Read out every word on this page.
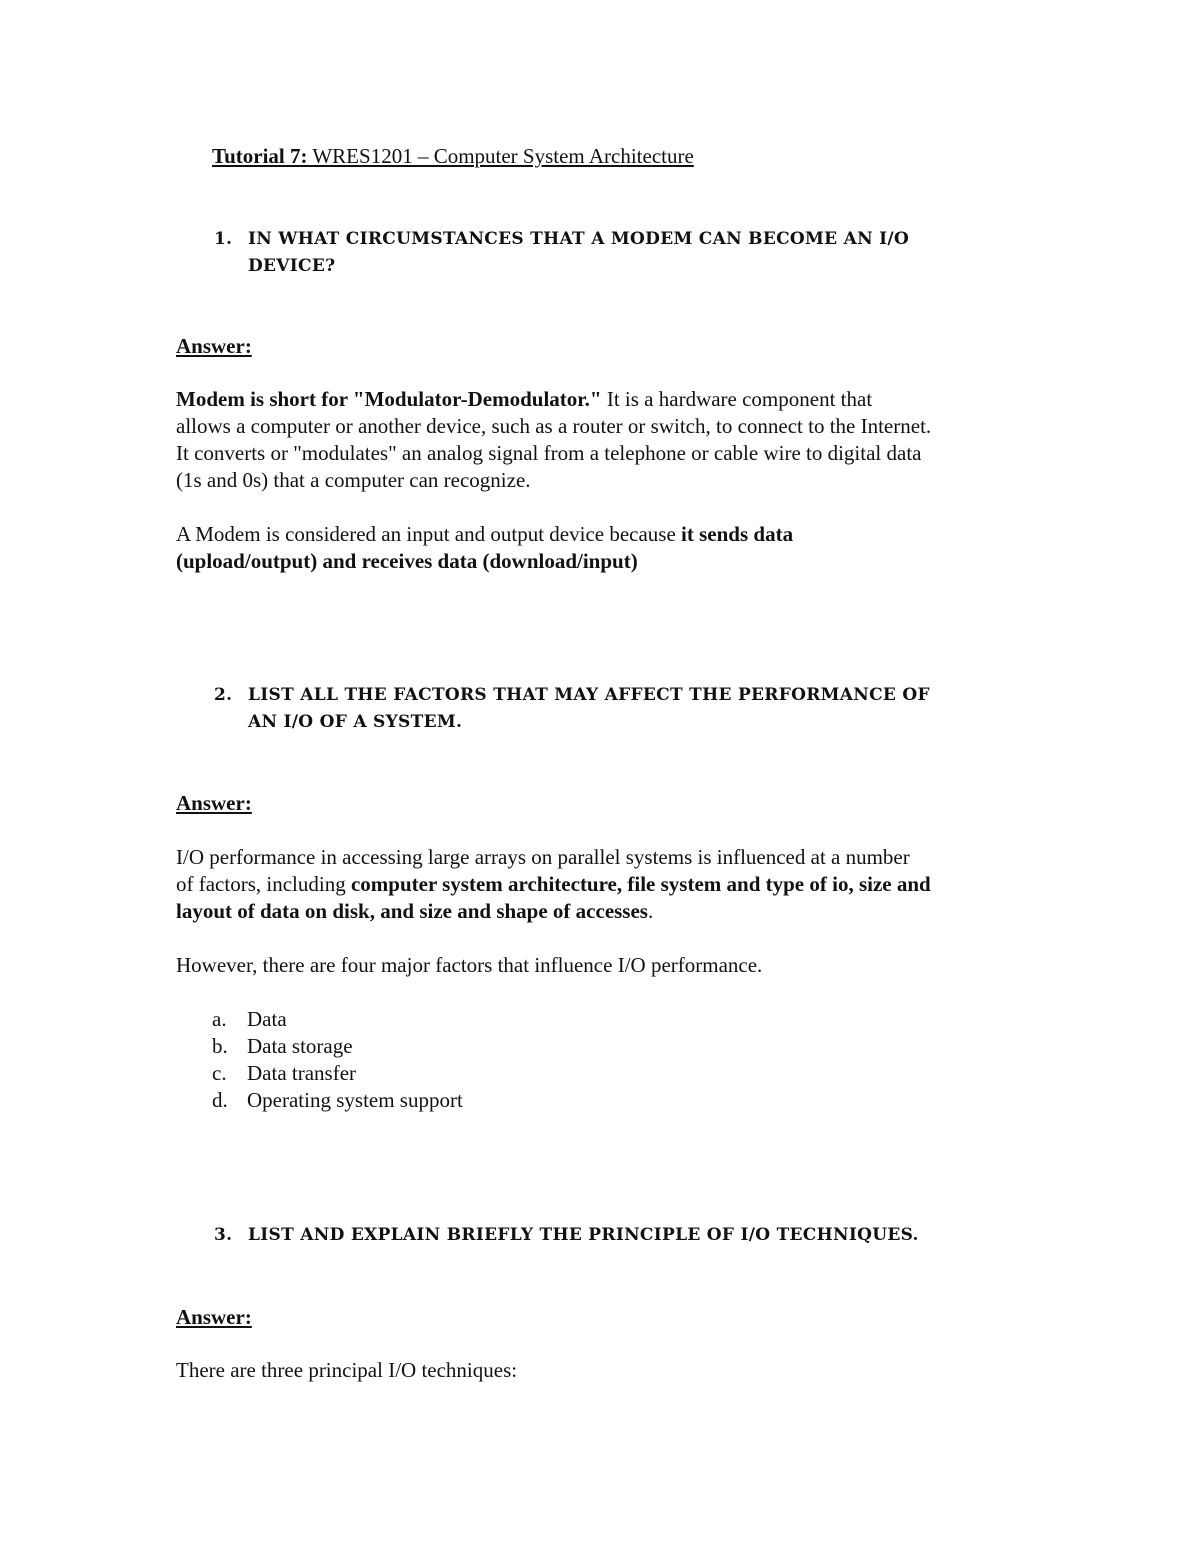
Tutorial 7: WRES1201 – Computer System Architecture
1. IN WHAT CIRCUMSTANCES THAT A MODEM CAN BECOME AN I/O
DEVICE?
Answer:
Modem is short for "Modulator-Demodulator." It is a hardware component that
allows a computer or another device, such as a router or switch, to connect to the Internet.
It converts or "modulates" an analog signal from a telephone or cable wire to digital data
(1s and 0s) that a computer can recognize.
A Modem is considered an input and output device because it sends data
(upload/output) and receives data (download/input)
2. LIST ALL THE FACTORS THAT MAY AFFECT THE PERFORMANCE OF
AN I/O OF A SYSTEM.
Answer:
I/O performance in accessing large arrays on parallel systems is influenced at a number
of factors, including computer system architecture, file system and type of io, size and
layout of data on disk, and size and shape of accesses.
However, there are four major factors that influence I/O performance.
a. Data
b. Data storage
c. Data transfer
d. Operating system support
3. LIST AND EXPLAIN BRIEFLY THE PRINCIPLE OF I/O TECHNIQUES.
Answer:
There are three principal I/O techniques:
